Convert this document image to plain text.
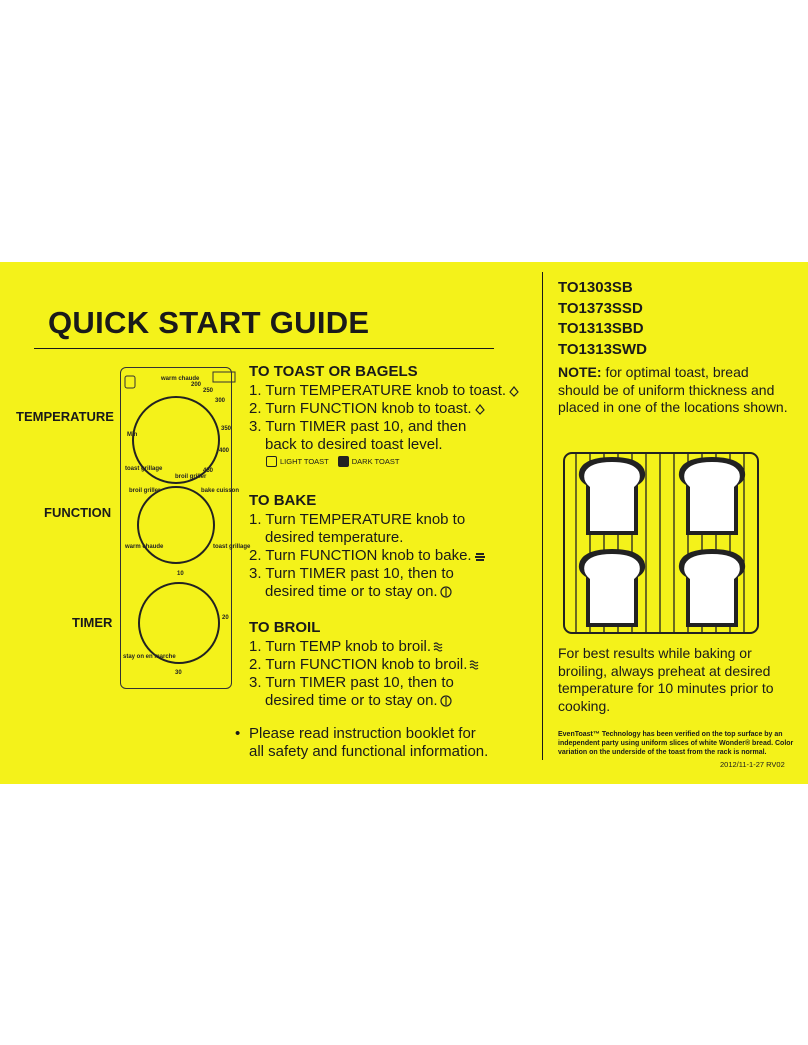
QUICK START GUIDE
TEMPERATURE
FUNCTION
TIMER
warm chaude
200
250
300
350
400
450
Min
toast grillage
broil griller
broil griller	bake cuisson
warm chaude	toast grillage
10
20
30
stay on en marche
TO TOAST OR BAGELS
1. Turn TEMPERATURE knob to toast.
2. Turn FUNCTION knob to toast.
3. Turn TIMER past 10, and then
back to desired toast level.
LIGHT TOAST	DARK TOAST
TO BAKE
1. Turn TEMPERATURE knob to
desired temperature.
2. Turn FUNCTION knob to bake.
3. Turn TIMER past 10, then to
desired time or to stay on.
TO BROIL
1. Turn TEMP knob to broil.
2. Turn FUNCTION knob to broil.
3. Turn TIMER past 10, then to
desired time or to stay on.
• Please read instruction booklet for
all safety and functional information.
TO1303SB
TO1373SSD
TO1313SBD
TO1313SWD
NOTE: for optimal toast, bread should be of uniform thickness and placed in one of the locations shown.
For best results while baking or broiling, always preheat at desired temperature for 10 minutes prior to cooking.
EvenToast™ Technology has been verified on the top surface by an independent party using uniform slices of white Wonder® bread. Color variation on the underside of the toast from the rack is normal.
2012/11-1-27 RV02
